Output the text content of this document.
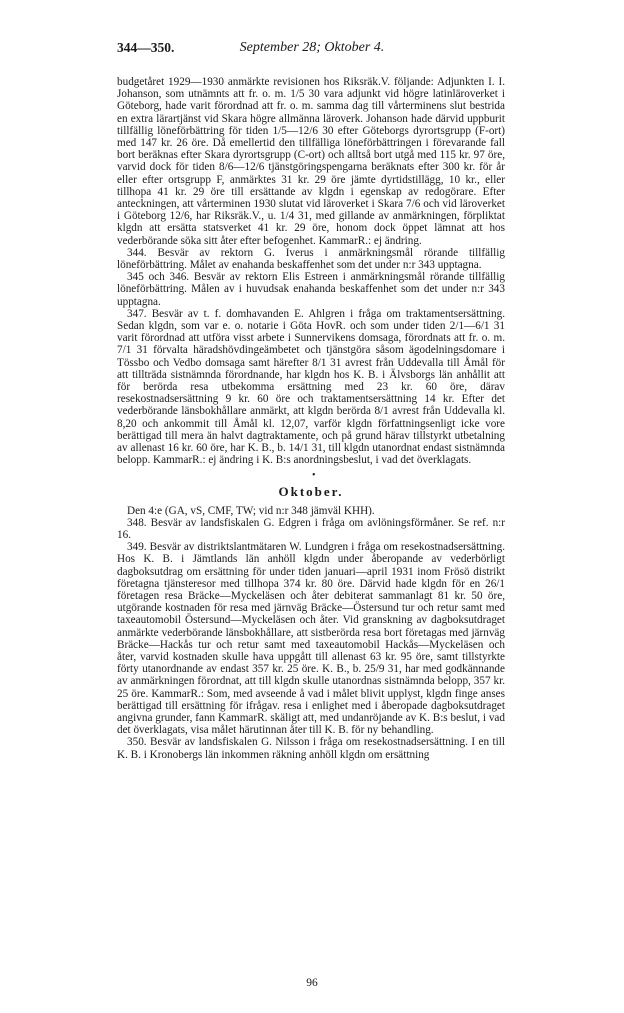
344—350.	September 28; Oktober 4.

budgetåret 1929—1930 anmärkte revisionen hos Riksräk.V. följande: Adjunkten I. I. Johanson, som utnämnts att fr. o. m. 1/5 30 vara adjunkt vid högre latinläroverket i Göteborg, hade varit förordnad att fr. o. m. samma dag till vårterminens slut bestrida en extra lärartjänst vid Skara högre allmänna läroverk. Johanson hade därvid uppburit tillfällig löneförbättring för tiden 1/5—12/6 30 efter Göteborgs dyrortsgrupp (F-ort) med 147 kr. 26 öre. Då emellertid den tillfälliga löneförbättringen i förevarande fall bort beräknas efter Skara dyrortsgrupp (C-ort) och alltså bort utgå med 115 kr. 97 öre, varvid dock för tiden 8/6—12/6 tjänstgöringspengarna beräknats efter 300 kr. för år eller efter ortsgrupp F, anmärktes 31 kr. 29 öre jämte dyrtidstillägg, 10 kr., eller tillhopa 41 kr. 29 öre till ersättande av klgdn i egenskap av redogörare. Efter anteckningen, att vårterminen 1930 slutat vid läroverket i Skara 7/6 och vid läroverket i Göteborg 12/6, har Riksräk.V., u. 1/4 31, med gillande av anmärkningen, förpliktat klgdn att ersätta statsverket 41 kr. 29 öre, honom dock öppet lämnat att hos vederbörande söka sitt åter efter befogenhet. KammarR.: ej ändring.

344. Besvär av rektorn G. Iverus i anmärkningsmål rörande tillfällig löneförbättring. Målet av enahanda beskaffenhet som det under n:r 343 upptagna.

345 och 346. Besvär av rektorn Elis Estreen i anmärkningsmål rörande tillfällig löneförbättring. Målen av i huvudsak enahanda beskaffenhet som det under n:r 343 upptagna.

347. Besvär av t. f. domhavanden E. Ahlgren i fråga om traktamentsersättning. Sedan klgdn, som var e. o. notarie i Göta HovR. och som under tiden 2/1—6/1 31 varit förordnad att utföra visst arbete i Sunnervikens domsaga, förordnats att fr. o. m. 7/1 31 förvalta häradshövdingeämbetet och tjänstgöra såsom ägodelningsdomare i Tössbo och Vedbo domsaga samt härefter 8/1 31 avrest från Uddevalla till Åmål för att tillträda sistnämnda förordnande, har klgdn hos K. B. i Älvsborgs län anhållit att för berörda resa utbekomma ersättning med 23 kr. 60 öre, därav resekostnadsersättning 9 kr. 60 öre och traktamentsersättning 14 kr. Efter det vederbörande länsbokhållare anmärkt, att klgdn berörda 8/1 avrest från Uddevalla kl. 8,20 och ankommit till Åmål kl. 12,07, varför klgdn författningsenligt icke vore berättigad till mera än halvt dagtraktamente, och på grund härav tillstyrkt utbetalning av allenast 16 kr. 60 öre, har K. B., b. 14/1 31, till klgdn utanordnat endast sistnämnda belopp. KammarR.: ej ändring i K. B:s anordningsbeslut, i vad det överklagats.

•
Oktober.

Den 4:e (GA, vS, CMF, TW; vid n:r 348 jämväl KHH).

348. Besvär av landsfiskalen G. Edgren i fråga om avlöningsförmåner. Se ref. n:r 16.

349. Besvär av distriktslantmätaren W. Lundgren i fråga om resekostnadsersättning. Hos K. B. i Jämtlands län anhöll klgdn under åberopande av vederbörligt dagboksutdrag om ersättning för under tiden januari—april 1931 inom Frösö distrikt företagna tjänsteresor med tillhopa 374 kr. 80 öre. Därvid hade klgdn för en 26/1 företagen resa Bräcke—Myckeläsen och åter debiterat sammanlagt 81 kr. 50 öre, utgörande kostnaden för resa med järnväg Bräcke—Östersund tur och retur samt med taxeautomobil Östersund—Myckeläsen och åter. Vid granskning av dagboksutdraget anmärkte vederbörande länsbokhållare, att sistberörda resa bort företagas med järnväg Bräcke—Hackås tur och retur samt med taxeautomobil Hackås—Myckeläsen och åter, varvid kostnaden skulle hava uppgått till allenast 63 kr. 95 öre, samt tillstyrkte förty utanordnande av endast 357 kr. 25 öre. K. B., b. 25/9 31, har med godkännande av anmärkningen förordnat, att till klgdn skulle utanordnas sistnämnda belopp, 357 kr. 25 öre. KammarR.: Som, med avseende å vad i målet blivit upplyst, klgdn finge anses berättigad till ersättning för ifrågav. resa i enlighet med i åberopade dagboksutdraget angivna grunder, fann KammarR. skäligt att, med undanröjande av K. B:s beslut, i vad det överklagats, visa målet härutinnan åter till K. B. för ny behandling.

350. Besvär av landsfiskalen G. Nilsson i fråga om resekostnadsersättning. I en till K. B. i Kronobergs län inkommen räkning anhöll klgdn om ersättning

96
